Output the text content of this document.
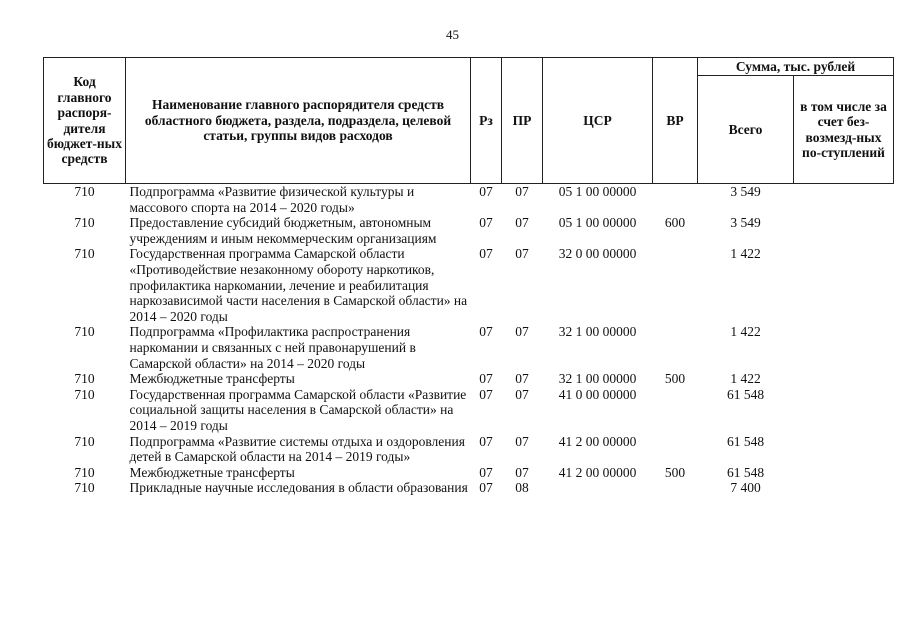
45
Код главного распоря-дителя бюджет-ных средств	Наименование главного распорядителя средств областного бюджета, раздела, подраздела, целевой статьи, группы видов расходов	Рз	ПР	ЦСР	ВР	Сумма, тыс. рублей	
						Всего	в том числе за счет без-возмезд-ных по-ступлений
710	Подпрограмма «Развитие физической культуры и массового спорта на 2014 – 2020 годы»	07	07	05 1 00 00000		3 549	
710	Предоставление субсидий бюджетным, автономным учреждениям и иным некоммерческим организациям	07	07	05 1 00 00000	600	3 549	
710	Государственная программа Самарской области «Противодействие незаконному обороту наркотиков, профилактика наркомании, лечение и реабилитация наркозависимой части населения в Самарской области» на 2014 – 2020 годы	07	07	32 0 00 00000		1 422	
710	Подпрограмма «Профилактика распространения наркомании и связанных с ней правонарушений в Самарской области» на 2014 – 2020 годы	07	07	32 1 00 00000		1 422	
710	Межбюджетные трансферты	07	07	32 1 00 00000	500	1 422	
710	Государственная программа Самарской области «Развитие социальной защиты населения в Самарской области» на 2014 – 2019 годы	07	07	41 0 00 00000		61 548	
710	Подпрограмма «Развитие системы отдыха и оздоровления детей в Самарской области на 2014 – 2019 годы»	07	07	41 2 00 00000		61 548	
710	Межбюджетные трансферты	07	07	41 2 00 00000	500	61 548	
710	Прикладные научные исследования в области образования	07	08			7 400	
